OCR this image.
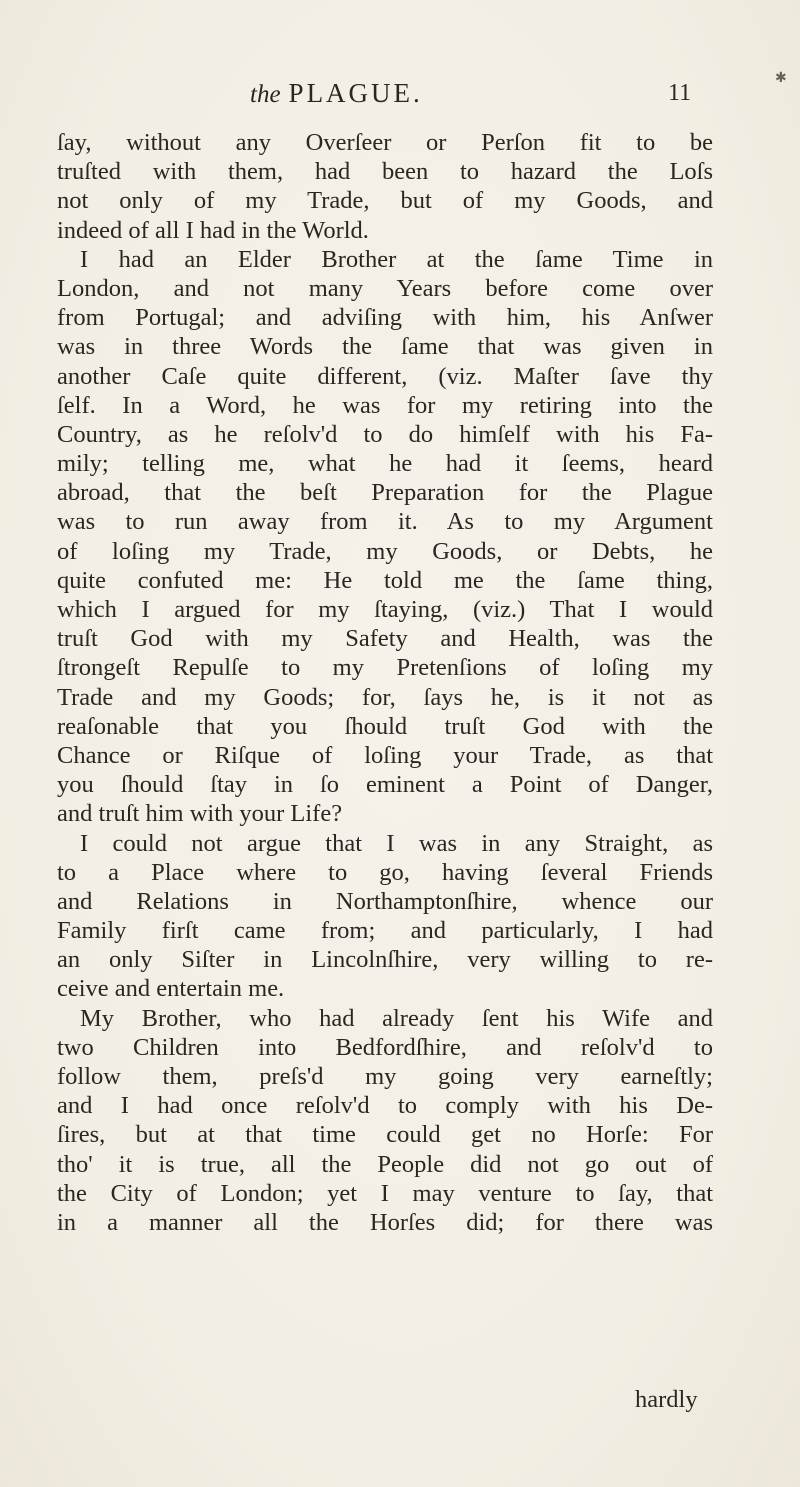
✱
the PLAGUE.	11
ſay, without any Overſeer or Perſon fit to be
truſted with them, had been to hazard the Loſs
not only of my Trade, but of my Goods, and
indeed of all I had in the World.
I had an Elder Brother at the ſame Time in
London, and not many Years before come over
from Portugal; and adviſing with him, his Anſwer
was in three Words the ſame that was given in
another Caſe quite different, (viz. Maſter ſave thy
ſelf. In a Word, he was for my retiring into the
Country, as he reſolv'd to do himſelf with his Fa-
mily; telling me, what he had it ſeems, heard
abroad, that the beſt Preparation for the Plague
was to run away from it. As to my Argument
of loſing my Trade, my Goods, or Debts, he
quite confuted me: He told me the ſame thing,
which I argued for my ſtaying, (viz.) That I would
truſt God with my Safety and Health, was the
ſtrongeſt Repulſe to my Pretenſions of loſing my
Trade and my Goods; for, ſays he, is it not as
reaſonable that you ſhould truſt God with the
Chance or Riſque of loſing your Trade, as that
you ſhould ſtay in ſo eminent a Point of Danger,
and truſt him with your Life?
I could not argue that I was in any Straight, as
to a Place where to go, having ſeveral Friends
and Relations in Northamptonſhire, whence our
Family firſt came from; and particularly, I had
an only Siſter in Lincolnſhire, very willing to re-
ceive and entertain me.
My Brother, who had already ſent his Wife and
two Children into Bedfordſhire, and reſolv'd to
follow them, preſs'd my going very earneſtly;
and I had once reſolv'd to comply with his De-
ſires, but at that time could get no Horſe: For
tho' it is true, all the People did not go out of
the City of London; yet I may venture to ſay, that
in a manner all the Horſes did; for there was
hardly
